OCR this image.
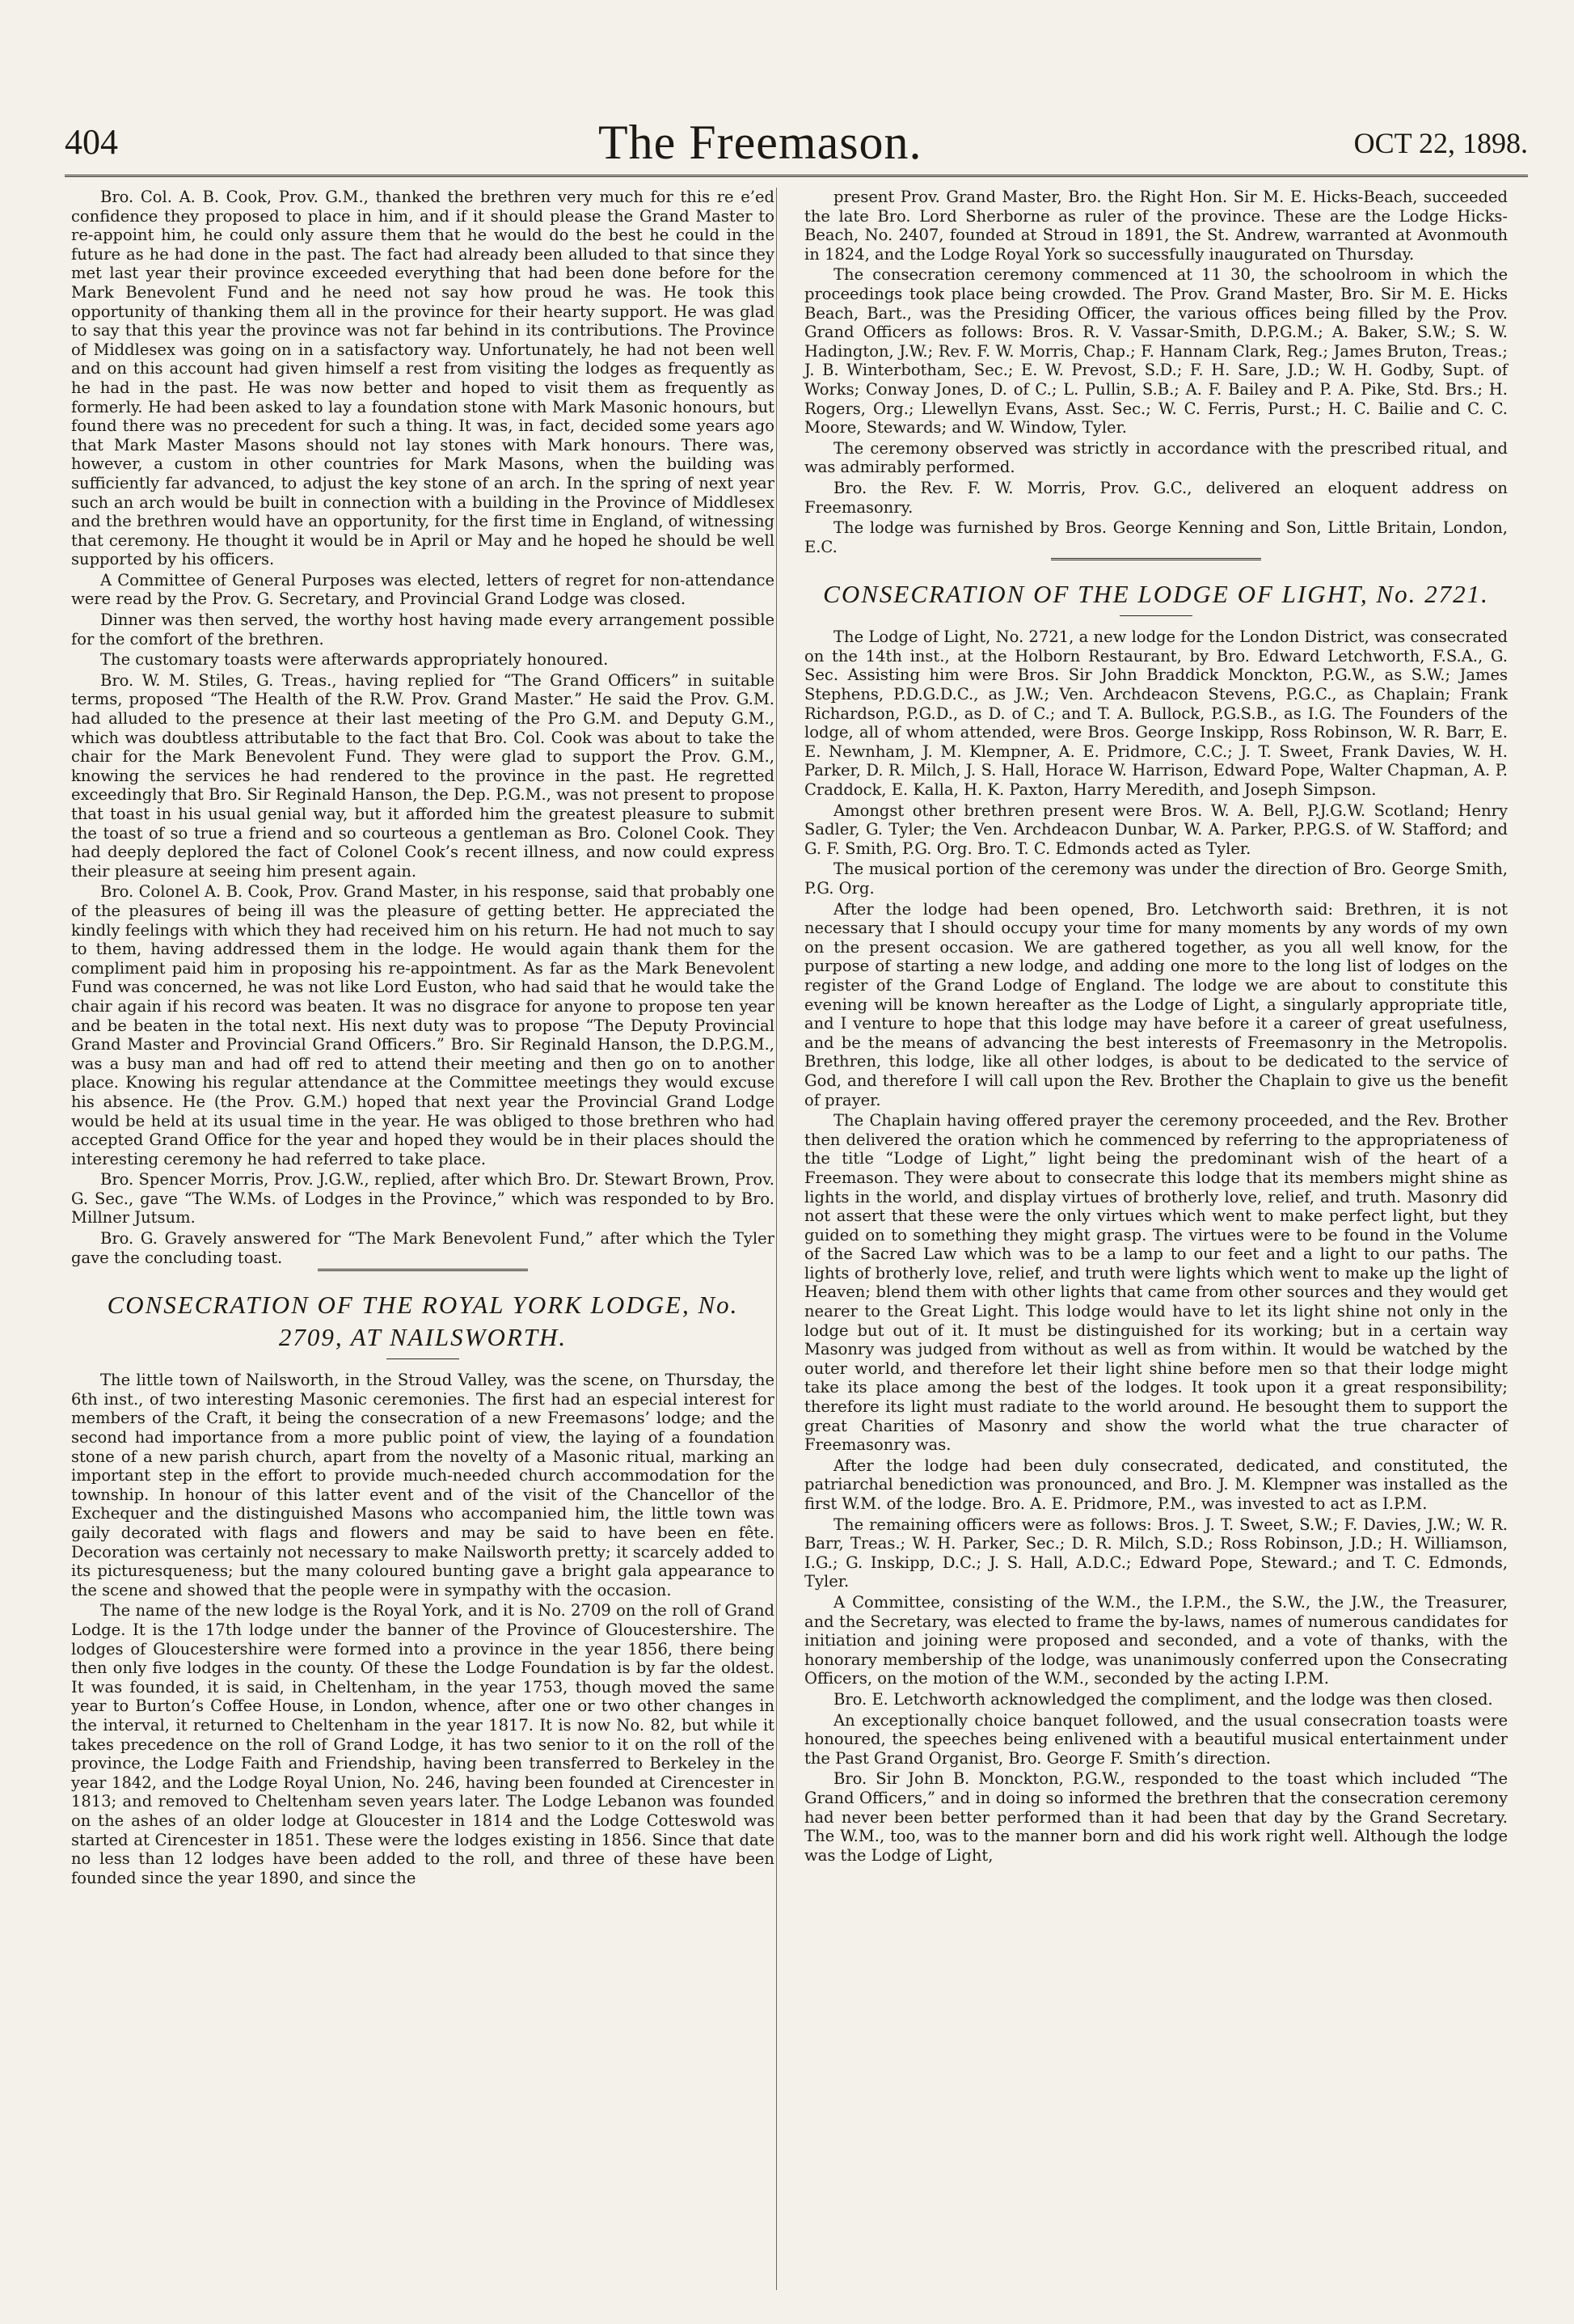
404	The Freemason.	OCT 22, 1898.

Bro. Col. A. B. Cook, Prov. G.M., thanked the brethren very much for this re e’ed confidence they proposed to place in him, and if it should please the Grand Master to re-appoint him, he could only assure them that he would do the best he could in the future as he had done in the past. The fact had already been alluded to that since they met last year their province exceeded everything that had been done before for the Mark Benevolent Fund and he need not say how proud he was. He took this opportunity of thanking them all in the province for their hearty support. He was glad to say that this year the province was not far behind in its contributions. The Province of Middlesex was going on in a satisfactory way. Unfortunately, he had not been well and on this account had given himself a rest from visiting the lodges as frequently as he had in the past. He was now better and hoped to visit them as frequently as formerly. He had been asked to lay a foundation stone with Mark Masonic honours, but found there was no precedent for such a thing. It was, in fact, decided some years ago that Mark Master Masons should not lay stones with Mark honours. There was, however, a custom in other countries for Mark Masons, when the building was sufficiently far advanced, to adjust the key stone of an arch. In the spring of next year such an arch would be built in connection with a building in the Province of Middlesex and the brethren would have an opportunity, for the first time in England, of witnessing that ceremony. He thought it would be in April or May and he hoped he should be well supported by his officers.

A Committee of General Purposes was elected, letters of regret for non-attendance were read by the Prov. G. Secretary, and Provincial Grand Lodge was closed.

Dinner was then served, the worthy host having made every arrangement possible for the comfort of the brethren.

The customary toasts were afterwards appropriately honoured.

Bro. W. M. Stiles, G. Treas., having replied for “The Grand Officers” in suitable terms, proposed “The Health of the R.W. Prov. Grand Master.” He said the Prov. G.M. had alluded to the presence at their last meeting of the Pro G.M. and Deputy G.M., which was doubtless attributable to the fact that Bro. Col. Cook was about to take the chair for the Mark Benevolent Fund. They were glad to support the Prov. G.M., knowing the services he had rendered to the province in the past. He regretted exceedingly that Bro. Sir Reginald Hanson, the Dep. P.G.M., was not present to propose that toast in his usual genial way, but it afforded him the greatest pleasure to submit the toast of so true a friend and so courteous a gentleman as Bro. Colonel Cook. They had deeply deplored the fact of Colonel Cook’s recent illness, and now could express their pleasure at seeing him present again.

Bro. Colonel A. B. Cook, Prov. Grand Master, in his response, said that probably one of the pleasures of being ill was the pleasure of getting better. He appreciated the kindly feelings with which they had received him on his return. He had not much to say to them, having addressed them in the lodge. He would again thank them for the compliment paid him in proposing his re-appointment. As far as the Mark Benevolent Fund was concerned, he was not like Lord Euston, who had said that he would take the chair again if his record was beaten. It was no disgrace for anyone to propose ten year and be beaten in the total next. His next duty was to propose “The Deputy Provincial Grand Master and Provincial Grand Officers.” Bro. Sir Reginald Hanson, the D.P.G.M., was a busy man and had off red to attend their meeting and then go on to another place. Knowing his regular attendance at the Committee meetings they would excuse his absence. He (the Prov. G.M.) hoped that next year the Provincial Grand Lodge would be held at its usual time in the year. He was obliged to those brethren who had accepted Grand Office for the year and hoped they would be in their places should the interesting ceremony he had referred to take place.

Bro. Spencer Morris, Prov. J.G.W., replied, after which Bro. Dr. Stewart Brown, Prov. G. Sec., gave “The W.Ms. of Lodges in the Province,” which was responded to by Bro. Millner Jutsum.

Bro. G. Gravely answered for “The Mark Benevolent Fund,” after which the Tyler gave the concluding toast.

CONSECRATION OF THE ROYAL YORK LODGE, No. 2709, AT NAILSWORTH.

The little town of Nailsworth, in the Stroud Valley, was the scene, on Thursday, the 6th inst., of two interesting Masonic ceremonies. The first had an especial interest for members of the Craft, it being the consecration of a new Freemasons’ lodge; and the second had importance from a more public point of view, the laying of a foundation stone of a new parish church, apart from the novelty of a Masonic ritual, marking an important step in the effort to provide much-needed church accommodation for the township. In honour of this latter event and of the visit of the Chancellor of the Exchequer and the distinguished Masons who accompanied him, the little town was gaily decorated with flags and flowers and may be said to have been en fête. Decoration was certainly not necessary to make Nailsworth pretty; it scarcely added to its picturesqueness; but the many coloured bunting gave a bright gala appearance to the scene and showed that the people were in sympathy with the occasion.

The name of the new lodge is the Royal York, and it is No. 2709 on the roll of Grand Lodge. It is the 17th lodge under the banner of the Province of Gloucestershire. The lodges of Gloucestershire were formed into a province in the year 1856, there being then only five lodges in the county. Of these the Lodge Foundation is by far the oldest. It was founded, it is said, in Cheltenham, in the year 1753, though moved the same year to Burton’s Coffee House, in London, whence, after one or two other changes in the interval, it returned to Cheltenham in the year 1817. It is now No. 82, but while it takes precedence on the roll of Grand Lodge, it has two senior to it on the roll of the province, the Lodge Faith and Friendship, having been transferred to Berkeley in the year 1842, and the Lodge Royal Union, No. 246, having been founded at Cirencester in 1813; and removed to Cheltenham seven years later. The Lodge Lebanon was founded on the ashes of an older lodge at Gloucester in 1814 and the Lodge Cotteswold was started at Cirencester in 1851. These were the lodges existing in 1856. Since that date no less than 12 lodges have been added to the roll, and three of these have been founded since the year 1890, and since the

present Prov. Grand Master, Bro. the Right Hon. Sir M. E. Hicks-Beach, succeeded the late Bro. Lord Sherborne as ruler of the province. These are the Lodge Hicks-Beach, No. 2407, founded at Stroud in 1891, the St. Andrew, warranted at Avonmouth in 1824, and the Lodge Royal York so successfully inaugurated on Thursday.

The consecration ceremony commenced at 11 30, the schoolroom in which the proceedings took place being crowded. The Prov. Grand Master, Bro. Sir M. E. Hicks Beach, Bart., was the Presiding Officer, the various offices being filled by the Prov. Grand Officers as follows: Bros. R. V. Vassar-Smith, D.P.G.M.; A. Baker, S.W.; S. W. Hadington, J.W.; Rev. F. W. Morris, Chap.; F. Hannam Clark, Reg.; James Bruton, Treas.; J. B. Winterbotham, Sec.; E. W. Prevost, S.D.; F. H. Sare, J.D.; W. H. Godby, Supt. of Works; Conway Jones, D. of C.; L. Pullin, S.B.; A. F. Bailey and P. A. Pike, Std. Brs.; H. Rogers, Org.; Llewellyn Evans, Asst. Sec.; W. C. Ferris, Purst.; H. C. Bailie and C. C. Moore, Stewards; and W. Window, Tyler.

The ceremony observed was strictly in accordance with the prescribed ritual, and was admirably performed.

Bro. the Rev. F. W. Morris, Prov. G.C., delivered an eloquent address on Freemasonry.

The lodge was furnished by Bros. George Kenning and Son, Little Britain, London, E.C.

CONSECRATION OF THE LODGE OF LIGHT, No. 2721.

The Lodge of Light, No. 2721, a new lodge for the London District, was consecrated on the 14th inst., at the Holborn Restaurant, by Bro. Edward Letchworth, F.S.A., G. Sec. Assisting him were Bros. Sir John Braddick Monckton, P.G.W., as S.W.; James Stephens, P.D.G.D.C., as J.W.; Ven. Archdeacon Stevens, P.G.C., as Chaplain; Frank Richardson, P.G.D., as D. of C.; and T. A. Bullock, P.G.S.B., as I.G. The Founders of the lodge, all of whom attended, were Bros. George Inskipp, Ross Robinson, W. R. Barr, E. E. Newnham, J. M. Klempner, A. E. Pridmore, C.C.; J. T. Sweet, Frank Davies, W. H. Parker, D. R. Milch, J. S. Hall, Horace W. Harrison, Edward Pope, Walter Chapman, A. P. Craddock, E. Kalla, H. K. Paxton, Harry Meredith, and Joseph Simpson.

Amongst other brethren present were Bros. W. A. Bell, P.J.G.W. Scotland; Henry Sadler, G. Tyler; the Ven. Archdeacon Dunbar, W. A. Parker, P.P.G.S. of W. Stafford; and G. F. Smith, P.G. Org. Bro. T. C. Edmonds acted as Tyler.

The musical portion of the ceremony was under the direction of Bro. George Smith, P.G. Org.

After the lodge had been opened, Bro. Letchworth said: Brethren, it is not necessary that I should occupy your time for many moments by any words of my own on the present occasion. We are gathered together, as you all well know, for the purpose of starting a new lodge, and adding one more to the long list of lodges on the register of the Grand Lodge of England. The lodge we are about to constitute this evening will be known hereafter as the Lodge of Light, a singularly appropriate title, and I venture to hope that this lodge may have before it a career of great usefulness, and be the means of advancing the best interests of Freemasonry in the Metropolis. Brethren, this lodge, like all other lodges, is about to be dedicated to the service of God, and therefore I will call upon the Rev. Brother the Chaplain to give us the benefit of prayer.

The Chaplain having offered prayer the ceremony proceeded, and the Rev. Brother then delivered the oration which he commenced by referring to the appropriateness of the title “Lodge of Light,” light being the predominant wish of the heart of a Freemason. They were about to consecrate this lodge that its members might shine as lights in the world, and display virtues of brotherly love, relief, and truth. Masonry did not assert that these were the only virtues which went to make perfect light, but they guided on to something they might grasp. The virtues were to be found in the Volume of the Sacred Law which was to be a lamp to our feet and a light to our paths. The lights of brotherly love, relief, and truth were lights which went to make up the light of Heaven; blend them with other lights that came from other sources and they would get nearer to the Great Light. This lodge would have to let its light shine not only in the lodge but out of it. It must be distinguished for its working; but in a certain way Masonry was judged from without as well as from within. It would be watched by the outer world, and therefore let their light shine before men so that their lodge might take its place among the best of the lodges. It took upon it a great responsibility; therefore its light must radiate to the world around. He besought them to support the great Charities of Masonry and show the world what the true character of Freemasonry was.

After the lodge had been duly consecrated, dedicated, and constituted, the patriarchal benediction was pronounced, and Bro. J. M. Klempner was installed as the first W.M. of the lodge. Bro. A. E. Pridmore, P.M., was invested to act as I.P.M.

The remaining officers were as follows: Bros. J. T. Sweet, S.W.; F. Davies, J.W.; W. R. Barr, Treas.; W. H. Parker, Sec.; D. R. Milch, S.D.; Ross Robinson, J.D.; H. Williamson, I.G.; G. Inskipp, D.C.; J. S. Hall, A.D.C.; Edward Pope, Steward.; and T. C. Edmonds, Tyler.

A Committee, consisting of the W.M., the I.P.M., the S.W., the J.W., the Treasurer, and the Secretary, was elected to frame the by-laws, names of numerous candidates for initiation and joining were proposed and seconded, and a vote of thanks, with the honorary membership of the lodge, was unanimously conferred upon the Consecrating Officers, on the motion of the W.M., seconded by the acting I.P.M.

Bro. E. Letchworth acknowledged the compliment, and the lodge was then closed.

An exceptionally choice banquet followed, and the usual consecration toasts were honoured, the speeches being enlivened with a beautiful musical entertainment under the Past Grand Organist, Bro. George F. Smith’s direction.

Bro. Sir John B. Monckton, P.G.W., responded to the toast which included “The Grand Officers,” and in doing so informed the brethren that the consecration ceremony had never been better performed than it had been that day by the Grand Secretary. The W.M., too, was to the manner born and did his work right well. Although the lodge was the Lodge of Light,
